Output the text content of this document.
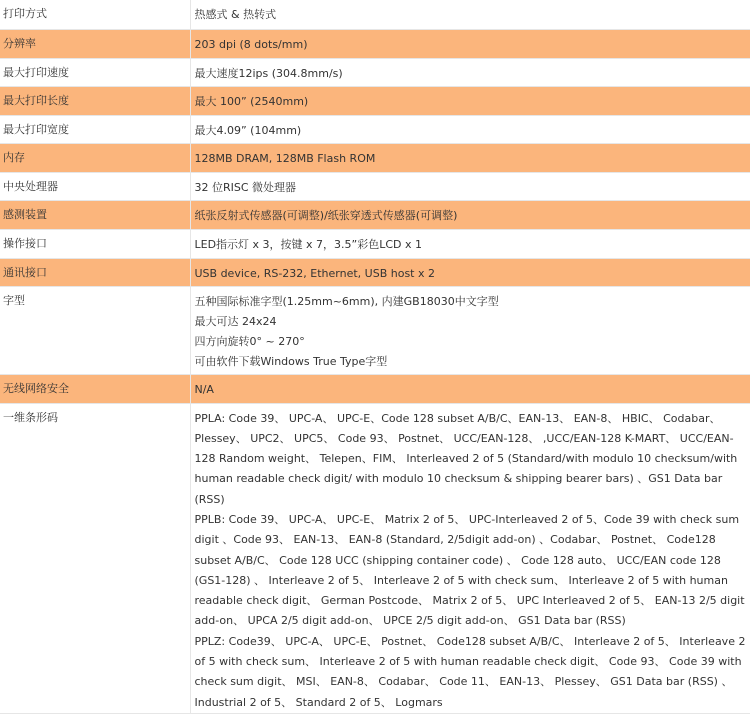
打印方式	热感式 & 热转式

分辨率	203 dpi (8 dots/mm)

最大打印速度	最大速度12ips (304.8mm/s)

最大打印长度	最大 100” (2540mm)

最大打印宽度	最大4.09” (104mm)

内存	128MB DRAM, 128MB Flash ROM

中央处理器	32 位RISC 微处理器

感测装置	纸张反射式传感器(可调整)/纸张穿透式传感器(可调整)

操作接口	LED指示灯 x 3，按键 x 7，3.5”彩色LCD x 1

通讯接口	USB device, RS-232, Ethernet, USB host x 2

字型	五种国际标准字型(1.25mm~6mm), 内建GB18030中文字型
最大可达 24x24
四方向旋转0° ~ 270°
可由软件下载Windows True Type字型

无线网络安全	N/A

一维条形码	PPLA: Code 39、 UPC-A、 UPC-E、Code 128 subset A/B/C、EAN-13、 EAN-8、 HBIC、 Codabar、 Plessey、 UPC2、 UPC5、 Code 93、 Postnet、 UCC/EAN-128、 ,UCC/EAN-128 K-MART、 UCC/EAN-128 Random weight、 Telepen、FIM、 Interleaved 2 of 5 (Standard/with modulo 10 checksum/with human readable check digit/ with modulo 10 checksum & shipping bearer bars) 、GS1 Data bar (RSS)
PPLB: Code 39、 UPC-A、 UPC-E、 Matrix 2 of 5、 UPC-Interleaved 2 of 5、Code 39 with check sum digit 、Code 93、 EAN-13、 EAN-8 (Standard, 2/5digit add-on) 、Codabar、 Postnet、 Code128 subset A/B/C、 Code 128 UCC (shipping container code) 、 Code 128 auto、 UCC/EAN code 128 (GS1-128) 、 Interleave 2 of 5、 Interleave 2 of 5 with check sum、 Interleave 2 of 5 with human readable check digit、 German Postcode、 Matrix 2 of 5、 UPC Interleaved 2 of 5、 EAN-13 2/5 digit add-on、 UPCA 2/5 digit add-on、 UPCE 2/5 digit add-on、 GS1 Data bar (RSS)
PPLZ: Code39、 UPC-A、 UPC-E、 Postnet、 Code128 subset A/B/C、 Interleave 2 of 5、 Interleave 2 of 5 with check sum、 Interleave 2 of 5 with human readable check digit、 Code 93、 Code 39 with check sum digit、 MSI、 EAN-8、 Codabar、 Code 11、 EAN-13、 Plessey、 GS1 Data bar (RSS) 、 Industrial 2 of 5、 Standard 2 of 5、 Logmars
